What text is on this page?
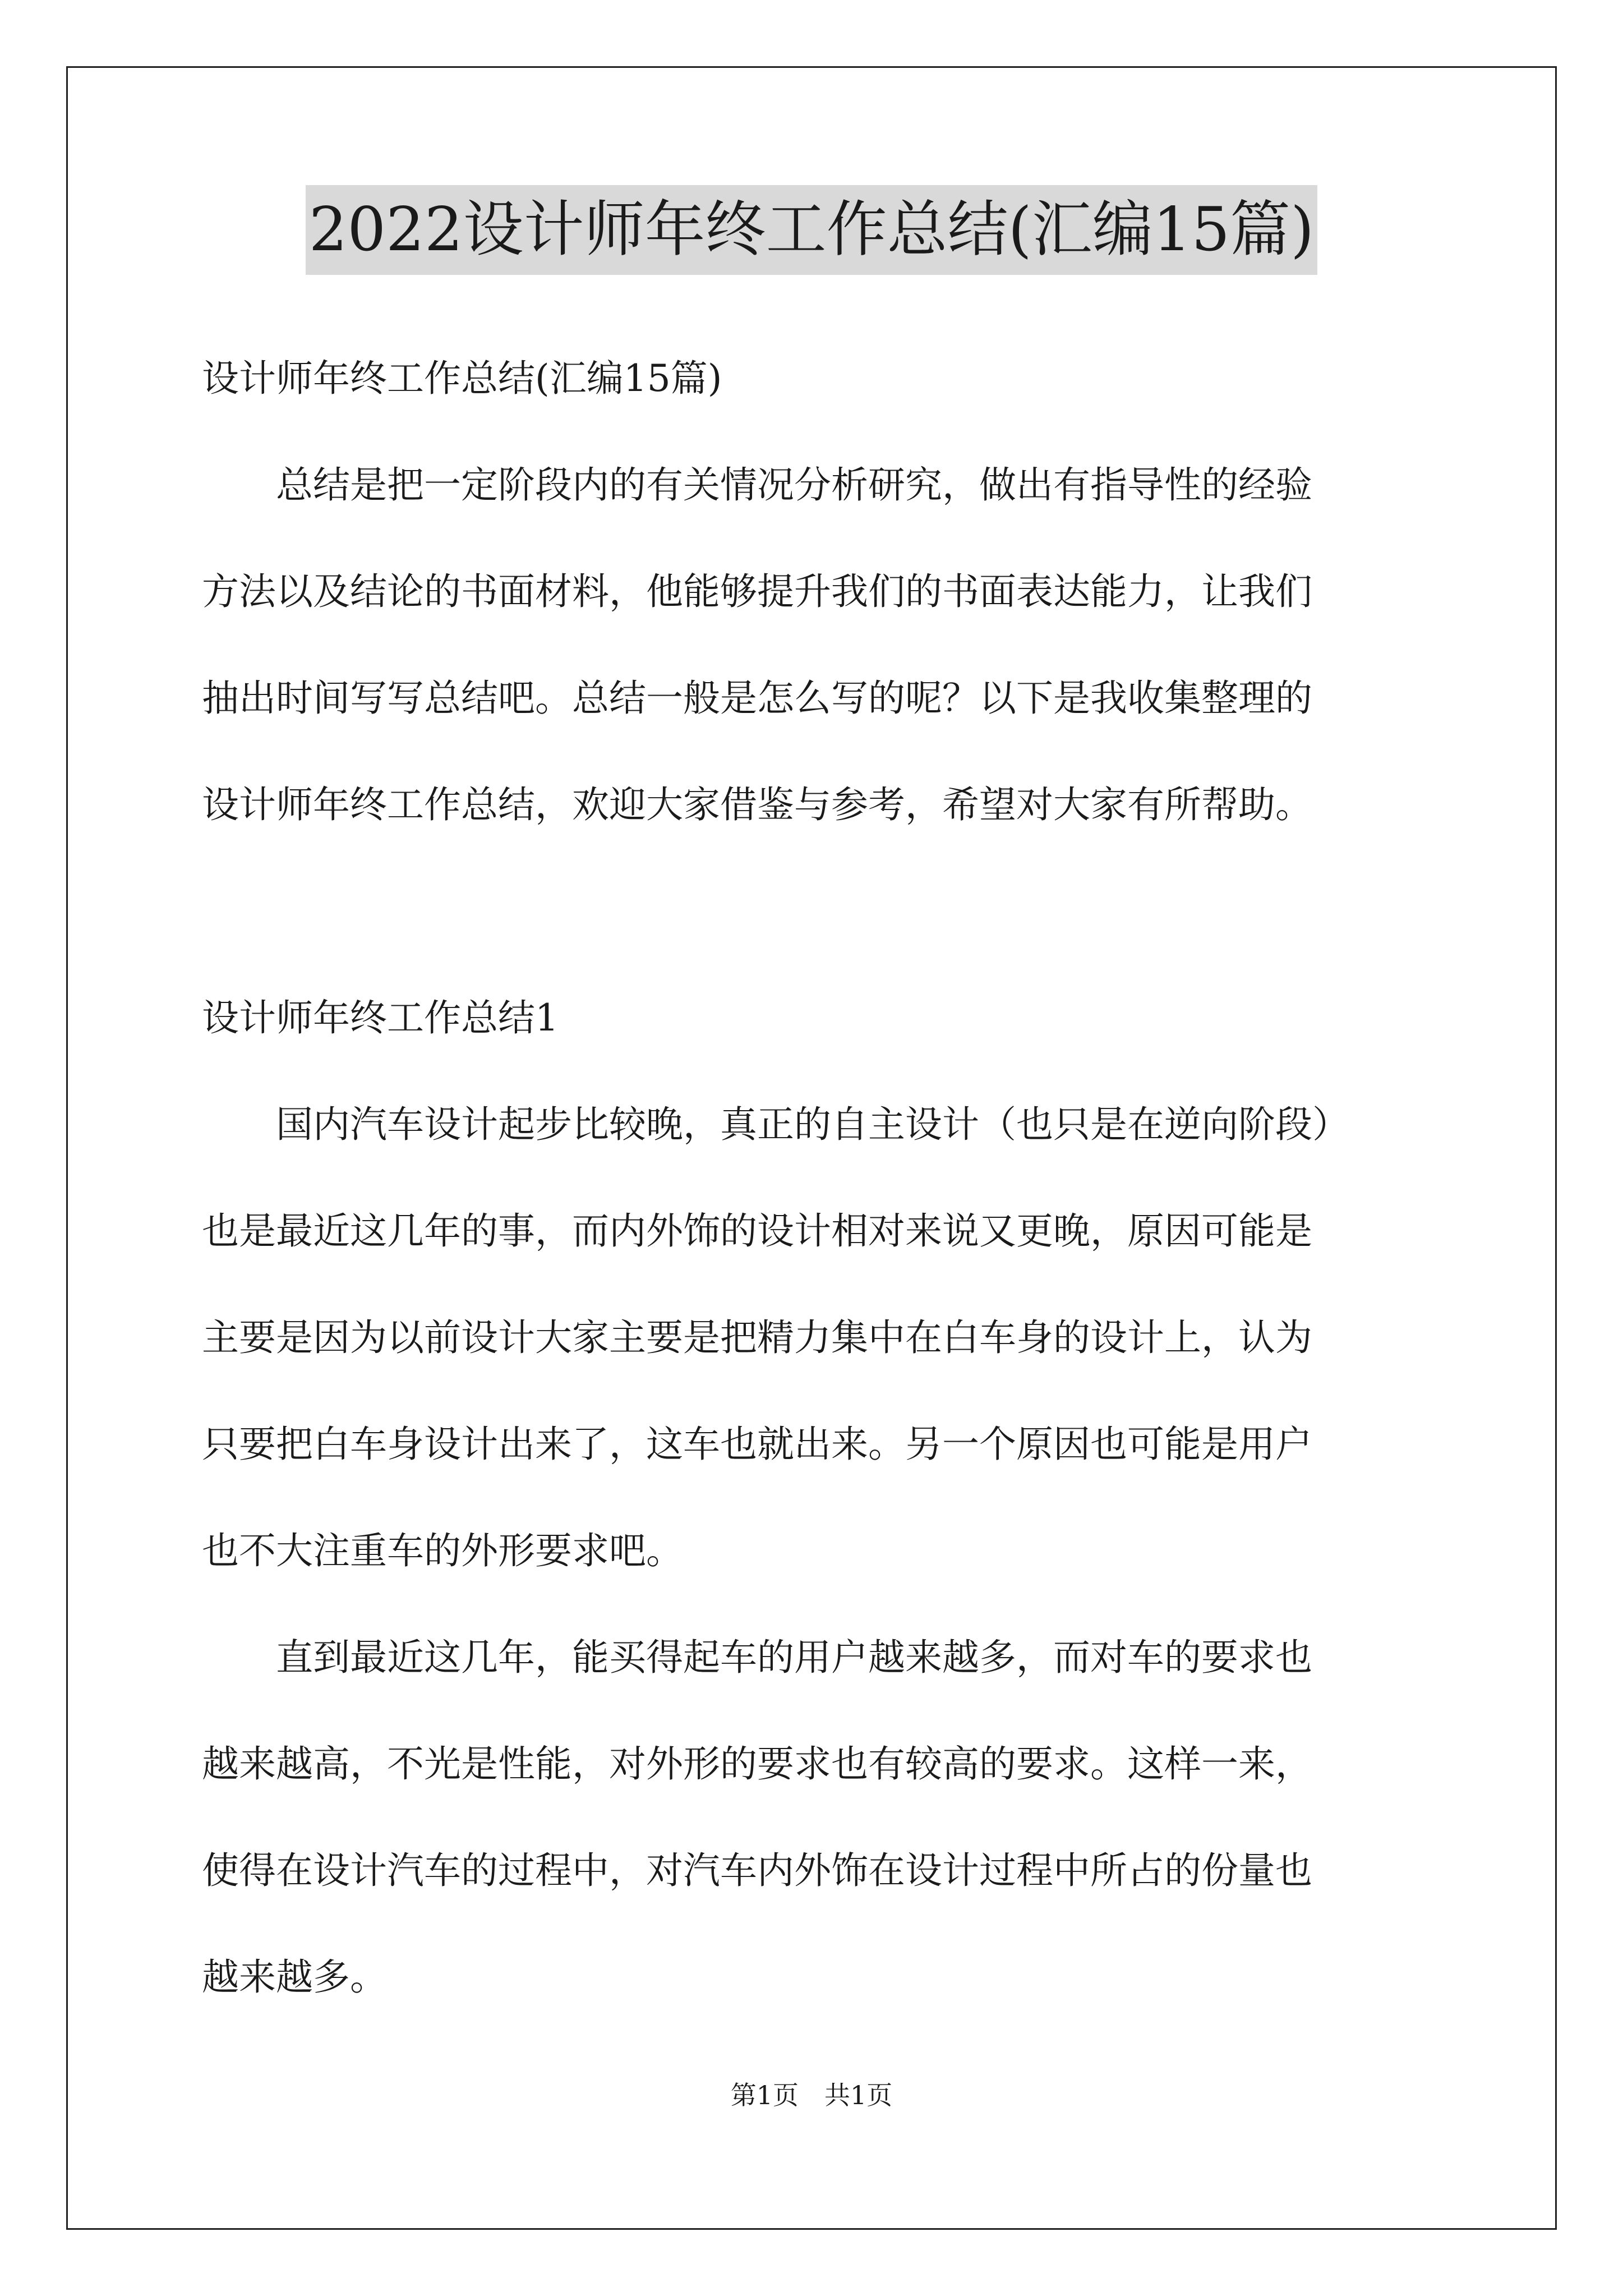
2022设计师年终工作总结(汇编15篇)

设计师年终工作总结(汇编15篇)

总结是把一定阶段内的有关情况分析研究，做出有指导性的经验
方法以及结论的书面材料，他能够提升我们的书面表达能力，让我们
抽出时间写写总结吧。总结一般是怎么写的呢？以下是我收集整理的
设计师年终工作总结，欢迎大家借鉴与参考，希望对大家有所帮助。

设计师年终工作总结1

国内汽车设计起步比较晚，真正的自主设计（也只是在逆向阶段）
也是最近这几年的事，而内外饰的设计相对来说又更晚，原因可能是
主要是因为以前设计大家主要是把精力集中在白车身的设计上，认为
只要把白车身设计出来了，这车也就出来。另一个原因也可能是用户
也不大注重车的外形要求吧。

直到最近这几年，能买得起车的用户越来越多，而对车的要求也
越来越高，不光是性能，对外形的要求也有较高的要求。这样一来，
使得在设计汽车的过程中，对汽车内外饰在设计过程中所占的份量也
越来越多。

第1页　共1页
